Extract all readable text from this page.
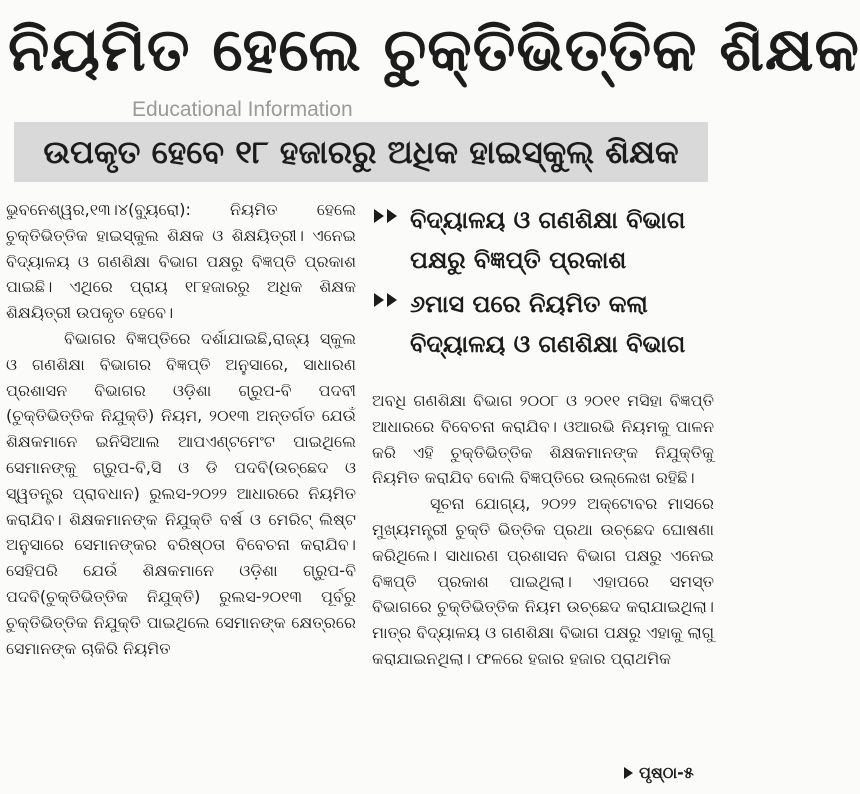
ନିୟମିତ ହେଲେ ଚୁକ୍ତିଭିତ୍ତିକ ଶିକ୍ଷକ
Educational Information
ଉପକୃତ ହେବେ ୧୮ ହଜାରରୁ ଅଧିକ ହାଇସ୍କୁଲ୍ ଶିକ୍ଷକ

ଭୁବନେଶ୍ୱର,୧୩।୪(ବ୍ୟୁରୋ): ନିୟମିତ ହେଲେ ଚୁକ୍ତିଭିତ୍ତିକ ହାଇସ୍କୁଲ ଶିକ୍ଷକ ଓ ଶିକ୍ଷୟିତ୍ରୀ। ଏନେଇ ବିଦ୍ୟାଳୟ ଓ ଗଣଶିକ୍ଷା ବିଭାଗ ପକ୍ଷରୁ ବିଜ୍ଞପ୍ତି ପ୍ରକାଶ ପାଇଛି। ଏଥିରେ ପ୍ରାୟ ୧୮ହଜାରରୁ ଅଧିକ ଶିକ୍ଷକ ଶିକ୍ଷୟିତ୍ରୀ ଉପକୃତ ହେବେ।

ବିଭାଗର ବିଜ୍ଞପ୍ତିରେ ଦର୍ଶାଯାଇଛି,ରାଜ୍ୟ ସ୍କୁଲ ଓ ଗଣଶିକ୍ଷା ବିଭାଗର ବିଜ୍ଞପ୍ତି ଅନୁସାରେ, ସାଧାରଣ ପ୍ରଶାସନ ବିଭାଗର ଓଡ଼ିଶା ଗ୍ରୁପ-ବି ପଦବୀ (ଚୁକ୍ତିଭିତ୍ତିକ ନିଯୁକ୍ତି) ନିୟମ, ୨୦୧୩ ଅନ୍ତର୍ଗତ ଯେଉଁ ଶିକ୍ଷକମାନେ ଇନିସିଆଲ ଆପଏଣ୍ଟମେଂଟ ପାଇଥିଲେ ସେମାନଙ୍କୁ ଗ୍ରୁପ-ବି,ସି ଓ ଡି ପଦବି(ଉଚ୍ଛେଦ ଓ ସ୍ୱତନ୍ତ୍ର ପ୍ରାବଧାନ) ରୁଲସ-୨୦୨୨ ଆଧାରରେ ନିୟମିତ କରାଯିବ। ଶିକ୍ଷକମାନଙ୍କ ନିଯୁକ୍ତି ବର୍ଷ ଓ ମେରିଟ୍ ଲିଷ୍ଟ ଅନୁସାରେ ସେମାନଙ୍କର ବରିଷ୍ଠତା ବିବେଚନା କରାଯିବ। ସେହିପରି ଯେଉଁ ଶିକ୍ଷକମାନେ ଓଡ଼ିଶା ଗ୍ରୁପ-ବି ପଦବି(ଚୁକ୍ତିଭିତ୍ତିକ ନିଯୁକ୍ତି) ରୁଲସ-୨୦୧୩ ପୂର୍ବରୁ ଚୁକ୍ତିଭିତ୍ତିକ ନିଯୁକ୍ତି ପାଇଥିଲେ ସେମାନଙ୍କ କ୍ଷେତ୍ରରେ ସେମାନଙ୍କ ଚାକିରି ନିୟମିତ

ବିଦ୍ୟାଳୟ ଓ ଗଣଶିକ୍ଷା ବିଭାଗ ପକ୍ଷରୁ ବିଜ୍ଞପ୍ତି ପ୍ରକାଶ
୬ମାସ ପରେ ନିୟମିତ କଲା ବିଦ୍ୟାଳୟ ଓ ଗଣଶିକ୍ଷା ବିଭାଗ

ଅବଧି ଗଣଶିକ୍ଷା ବିଭାଗ ୨୦୦୮ ଓ ୨୦୧୧ ମସିହା ବିଜ୍ଞପ୍ତି ଆଧାରରେ ବିବେଚନା କରାଯିବ। ଓଆରଭି ନିୟମକୁ ପାଳନ କରି ଏହି ଚୁକ୍ତିଭିତ୍ତିକ ଶିକ୍ଷକମାନଙ୍କ ନିଯୁକ୍ତିକୁ ନିୟମିତ କରାଯିବ ବୋଲି ବିଜ୍ଞପ୍ତିରେ ଉଲ୍ଲେଖ ରହିଛି।

ସୂଚନା ଯୋଗ୍ୟ, ୨୦୨୨ ଅକ୍ଟୋବର ମାସରେ ମୁଖ୍ୟମନ୍ତ୍ରୀ ଚୁକ୍ତି ଭିତ୍ତିକ ପ୍ରଥା ଉଚ୍ଛେଦ ଘୋଷଣା କରିଥିଲେ। ସାଧାରଣ ପ୍ରଶାସନ ବିଭାଗ ପକ୍ଷରୁ ଏନେଇ ବିଜ୍ଞପ୍ତି ପ୍ରକାଶ ପାଇଥିଲା। ଏହାପରେ ସମସ୍ତ ବିଭାଗରେ ଚୁକ୍ତିଭିତ୍ତିକ ନିୟମ ଉଚ୍ଛେଦ କରାଯାଇଥିଲା। ମାତ୍ର ବିଦ୍ୟାଳୟ ଓ ଗଣଶିକ୍ଷା ବିଭାଗ ପକ୍ଷରୁ ଏହାକୁ ଲାଗୁ କରାଯାଇନଥିଲା। ଫଳରେ ହଜାର ହଜାର ପ୍ରାଥମିକ

ପୃଷ୍ଠା-୫
